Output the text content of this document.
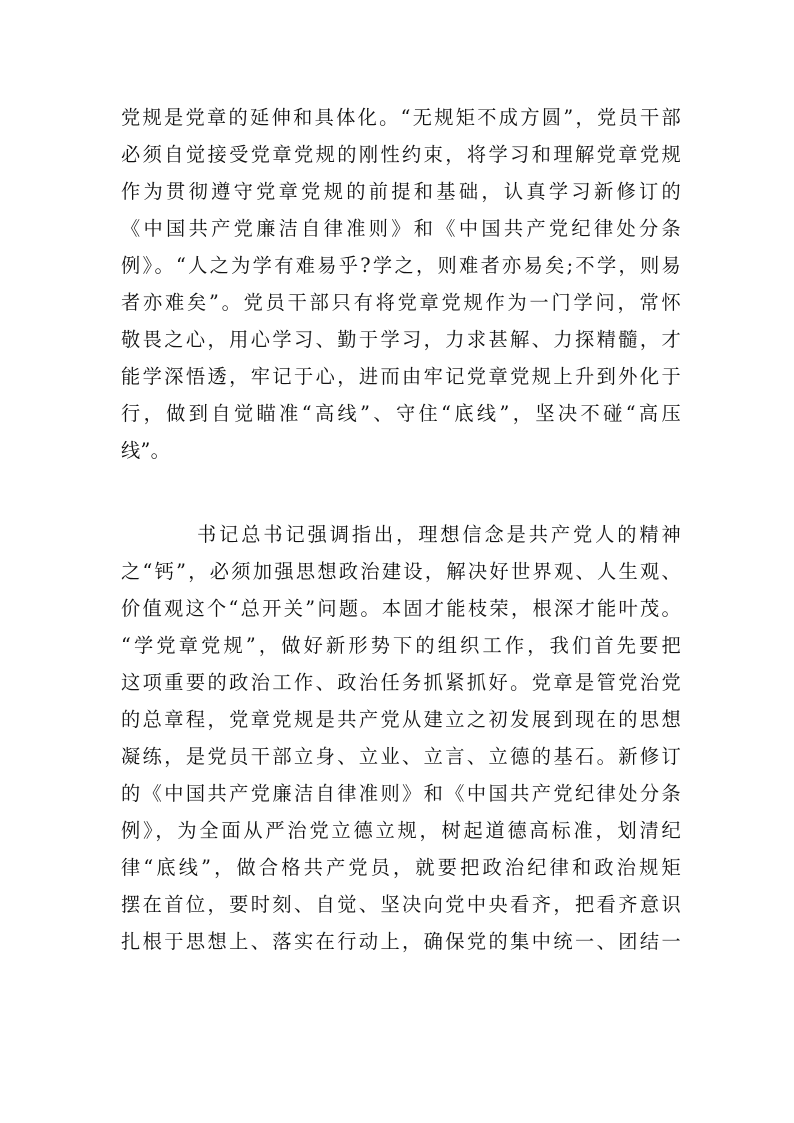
党规是党章的延伸和具体化。“无规矩不成方圆”，党员干部
必须自觉接受党章党规的刚性约束，将学习和理解党章党规
作为贯彻遵守党章党规的前提和基础，认真学习新修订的
《中国共产党廉洁自律准则》和《中国共产党纪律处分条
例》。“人之为学有难易乎?学之，则难者亦易矣;不学，则易
者亦难矣”。党员干部只有将党章党规作为一门学问，常怀
敬畏之心，用心学习、勤于学习，力求甚解、力探精髓，才
能学深悟透，牢记于心，进而由牢记党章党规上升到外化于
行，做到自觉瞄准“高线”、守住“底线”，坚决不碰“高压
线”。
书记总书记强调指出，理想信念是共产党人的精神
之“钙”，必须加强思想政治建设，解决好世界观、人生观、
价值观这个“总开关”问题。本固才能枝荣，根深才能叶茂。
“学党章党规”，做好新形势下的组织工作，我们首先要把
这项重要的政治工作、政治任务抓紧抓好。党章是管党治党
的总章程，党章党规是共产党从建立之初发展到现在的思想
凝练，是党员干部立身、立业、立言、立德的基石。新修订
的《中国共产党廉洁自律准则》和《中国共产党纪律处分条
例》，为全面从严治党立德立规，树起道德高标准，划清纪
律“底线”，做合格共产党员，就要把政治纪律和政治规矩
摆在首位，要时刻、自觉、坚决向党中央看齐，把看齐意识
扎根于思想上、落实在行动上，确保党的集中统一、团结一
